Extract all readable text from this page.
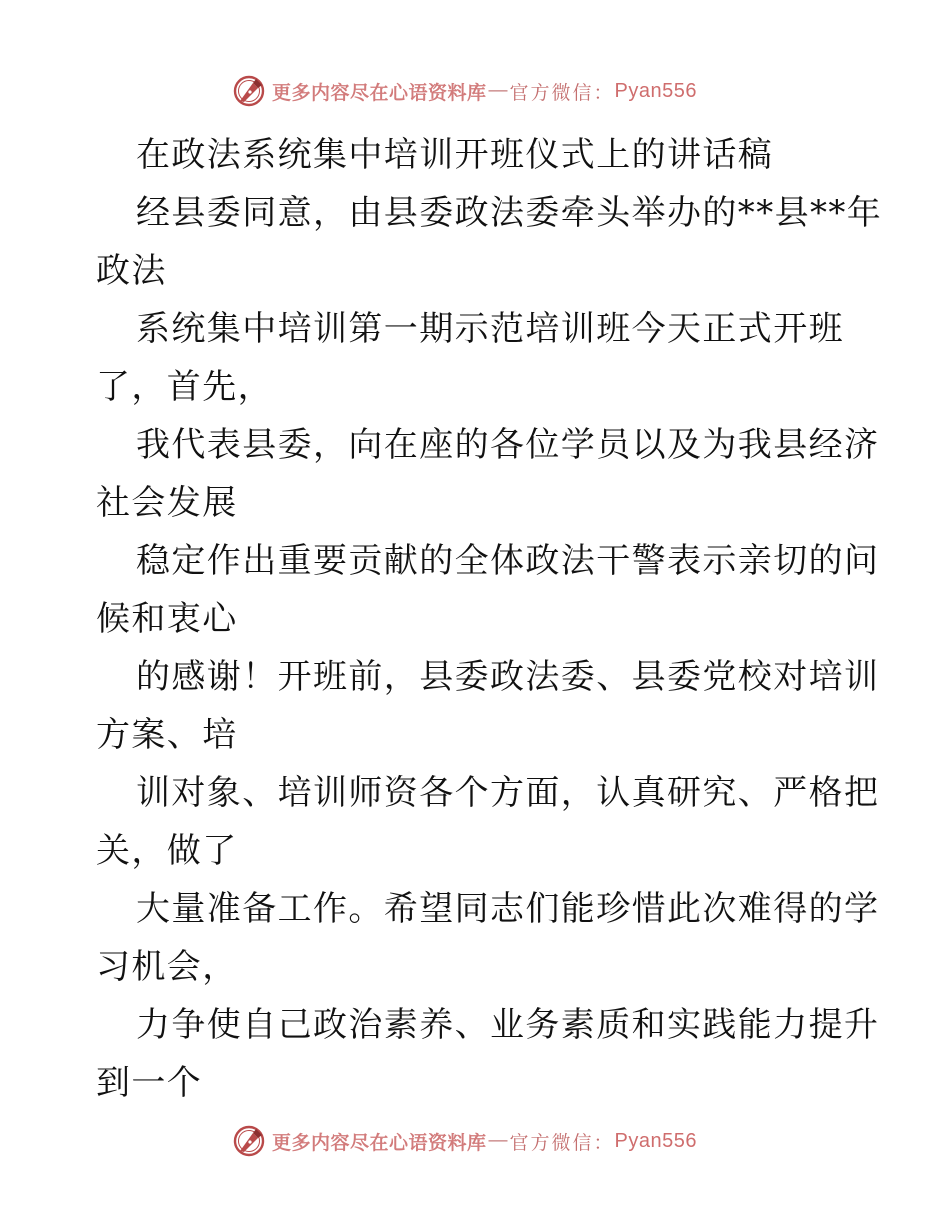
更多内容尽在心语资料库 — 官方微信： Pyan556
在政法系统集中培训开班仪式上的讲话稿
经县委同意，由县委政法委牵头举办的**县**年
政法
系统集中培训第一期示范培训班今天正式开班
了，首先，
我代表县委，向在座的各位学员以及为我县经济
社会发展
稳定作出重要贡献的全体政法干警表示亲切的问
候和衷心
的感谢！开班前，县委政法委、县委党校对培训
方案、培
训对象、培训师资各个方面，认真研究、严格把
关，做了
大量准备工作。希望同志们能珍惜此次难得的学
习机会，
力争使自己政治素养、业务素质和实践能力提升
到一个
更多内容尽在心语资料库 — 官方微信： Pyan556
